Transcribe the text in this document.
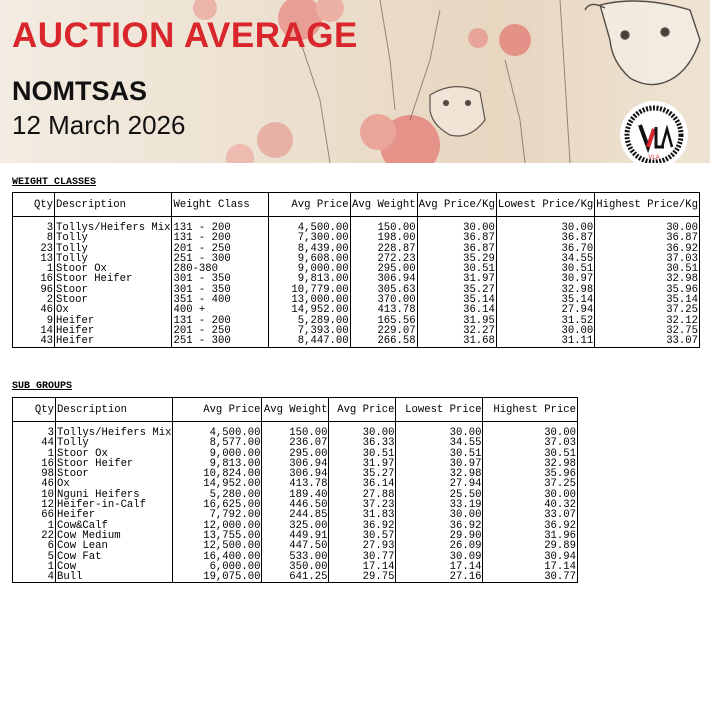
AUCTION AVERAGE
NOMTSAS
12 March 2026
VLA
WEIGHT CLASSES
Qty	Description	Weight Class	Avg Price	Avg Weight	Avg Price/Kg	Lowest Price/Kg	Highest Price/Kg

3	Tollys/Heifers Mix	131 - 200	4,500.00	150.00	30.00	30.00	30.00
8	Tolly	131 - 200	7,300.00	198.00	36.87	36.87	36.87
23	Tolly	201 - 250	8,439.00	228.87	36.87	36.70	36.92
13	Tolly	251 - 300	9,608.00	272.23	35.29	34.55	37.03
1	Stoor Ox	280-380	9,000.00	295.00	30.51	30.51	30.51
16	Stoor Heifer	301 - 350	9,813.00	306.94	31.97	30.97	32.98
96	Stoor	301 - 350	10,779.00	305.63	35.27	32.98	35.96
2	Stoor	351 - 400	13,000.00	370.00	35.14	35.14	35.14
46	Ox	400 +	14,952.00	413.78	36.14	27.94	37.25
9	Heifer	131 - 200	5,289.00	165.56	31.95	31.52	32.12
14	Heifer	201 - 250	7,393.00	229.07	32.27	30.00	32.75
43	Heifer	251 - 300	8,447.00	266.58	31.68	31.11	33.07
SUB GROUPS
Qty	Description	Avg Price	Avg Weight	Avg Price	Lowest Price	Highest Price

3	Tollys/Heifers Mix	4,500.00	150.00	30.00	30.00	30.00
44	Tolly	8,577.00	236.07	36.33	34.55	37.03
1	Stoor Ox	9,000.00	295.00	30.51	30.51	30.51
16	Stoor Heifer	9,813.00	306.94	31.97	30.97	32.98
98	Stoor	10,824.00	306.94	35.27	32.98	35.96
46	Ox	14,952.00	413.78	36.14	27.94	37.25
10	Nguni Heifers	5,280.00	189.40	27.88	25.50	30.00
12	Heifer-in-Calf	16,625.00	446.50	37.23	33.19	40.32
66	Heifer	7,792.00	244.85	31.83	30.00	33.07
1	Cow&Calf	12,000.00	325.00	36.92	36.92	36.92
22	Cow Medium	13,755.00	449.91	30.57	29.90	31.96
6	Cow Lean	12,500.00	447.50	27.93	26.09	29.89
5	Cow Fat	16,400.00	533.00	30.77	30.09	30.94
1	Cow	6,000.00	350.00	17.14	17.14	17.14
4	Bull	19,075.00	641.25	29.75	27.16	30.77
